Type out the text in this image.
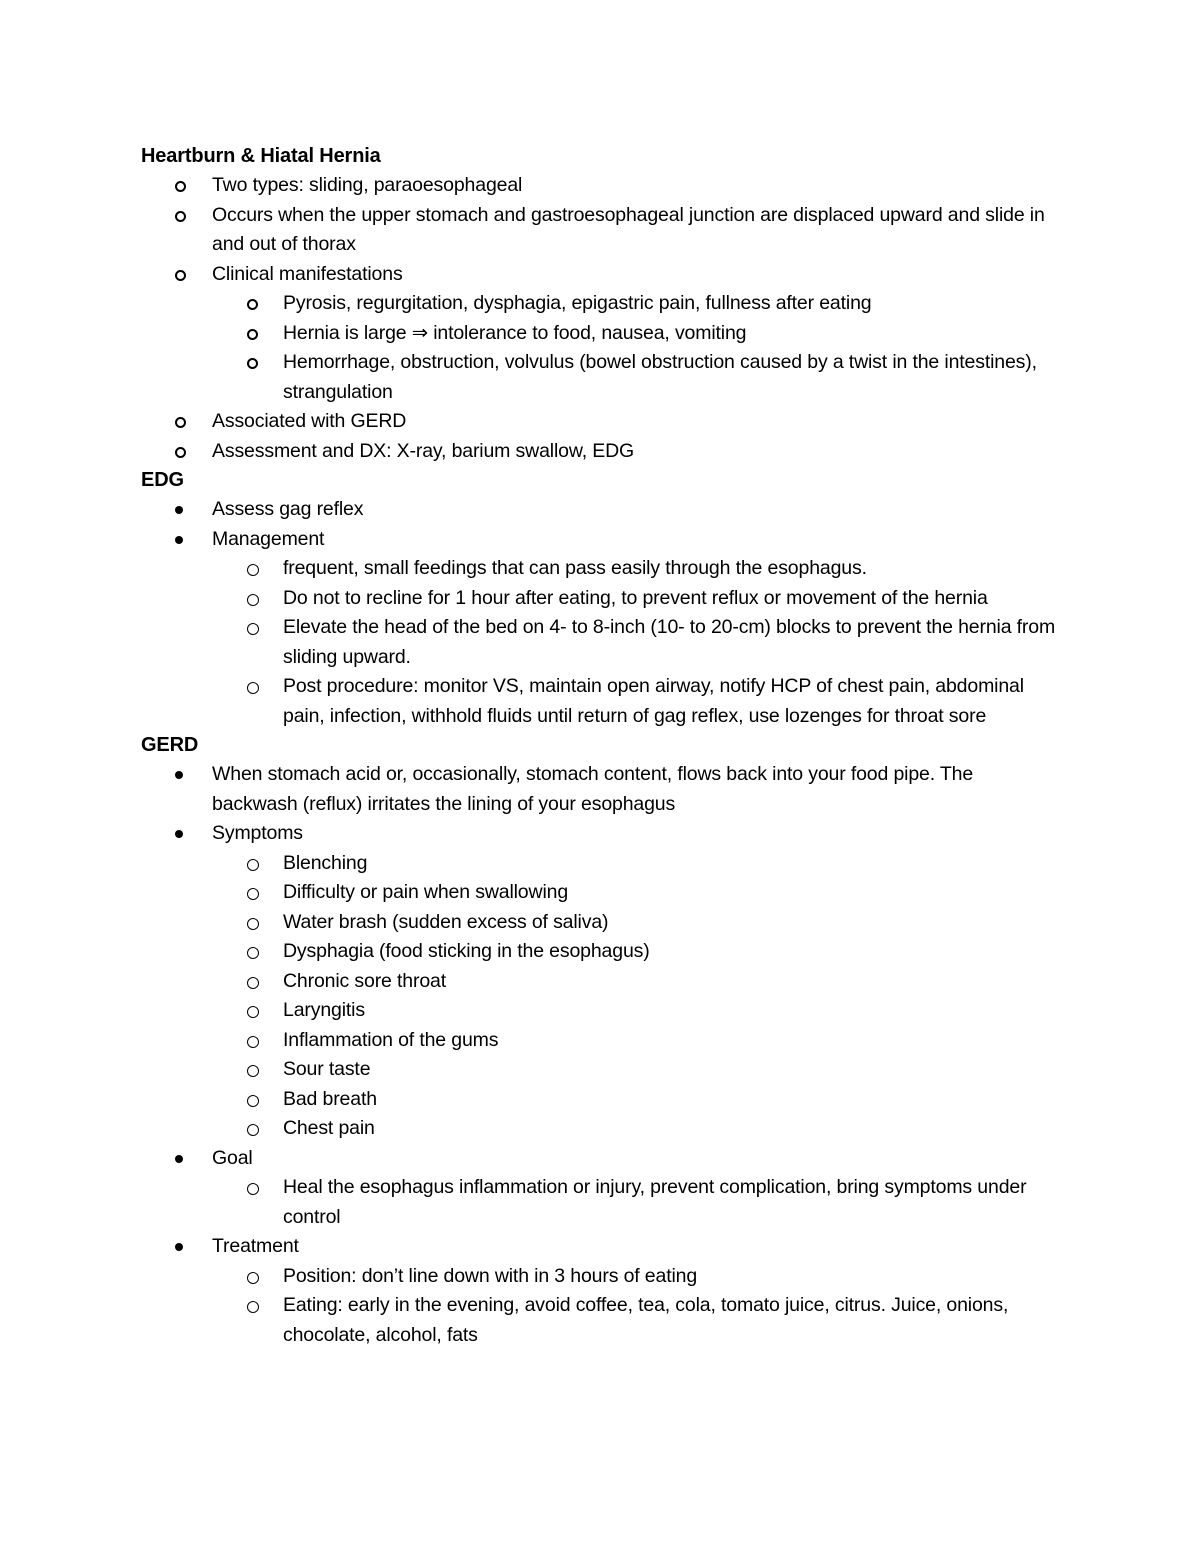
Heartburn & Hiatal Hernia
Two types: sliding, paraoesophageal
Occurs when the upper stomach and gastroesophageal junction are displaced upward and slide in and out of thorax
Clinical manifestations
Pyrosis, regurgitation, dysphagia, epigastric pain, fullness after eating
Hernia is large ⇒ intolerance to food, nausea, vomiting
Hemorrhage, obstruction, volvulus (bowel obstruction caused by a twist in the intestines), strangulation
Associated with GERD
Assessment and DX: X-ray, barium swallow, EDG
EDG
Assess gag reflex
Management
frequent, small feedings that can pass easily through the esophagus.
Do not to recline for 1 hour after eating, to prevent reflux or movement of the hernia
Elevate the head of the bed on 4- to 8-inch (10- to 20-cm) blocks to prevent the hernia from sliding upward.
Post procedure: monitor VS, maintain open airway, notify HCP of chest pain, abdominal pain, infection, withhold fluids until return of gag reflex, use lozenges for throat sore
GERD
When stomach acid or, occasionally, stomach content, flows back into your food pipe. The backwash (reflux) irritates the lining of your esophagus
Symptoms
Blenching
Difficulty or pain when swallowing
Water brash (sudden excess of saliva)
Dysphagia (food sticking in the esophagus)
Chronic sore throat
Laryngitis
Inflammation of the gums
Sour taste
Bad breath
Chest pain
Goal
Heal the esophagus inflammation or injury, prevent complication, bring symptoms under control
Treatment
Position: don’t line down with in 3 hours of eating
Eating: early in the evening, avoid coffee, tea, cola, tomato juice, citrus. Juice, onions, chocolate, alcohol, fats
